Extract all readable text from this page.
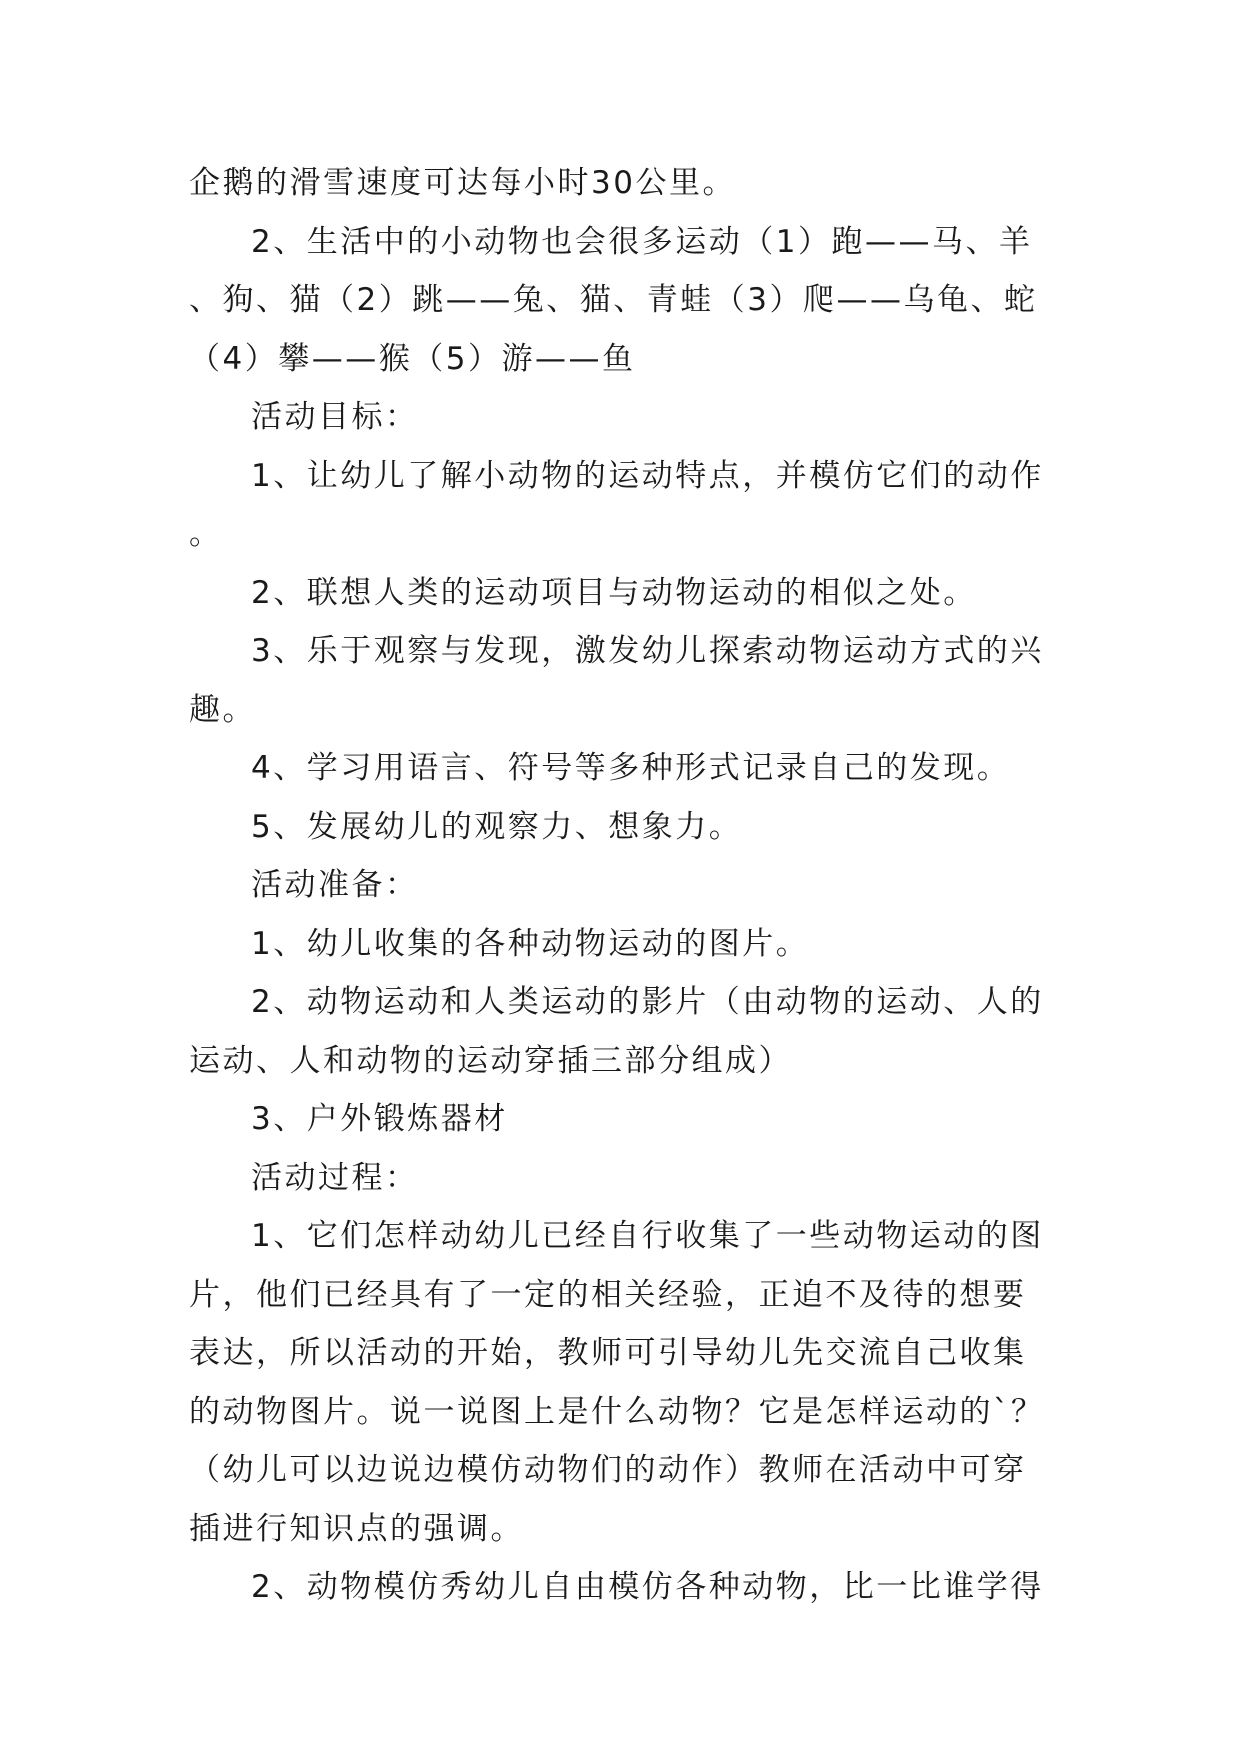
企鹅的滑雪速度可达每小时30公里。

2、生活中的小动物也会很多运动（1）跑——马、羊、狗、猫（2）跳——兔、猫、青蛙（3）爬——乌龟、蛇（4）攀——猴（5）游——鱼

活动目标：

1、让幼儿了解小动物的运动特点，并模仿它们的动作。

2、联想人类的运动项目与动物运动的相似之处。

3、乐于观察与发现，激发幼儿探索动物运动方式的兴趣。

4、学习用语言、符号等多种形式记录自己的发现。

5、发展幼儿的观察力、想象力。

活动准备：

1、幼儿收集的各种动物运动的图片。

2、动物运动和人类运动的影片（由动物的运动、人的运动、人和动物的运动穿插三部分组成）

3、户外锻炼器材

活动过程：

1、它们怎样动幼儿已经自行收集了一些动物运动的图片，他们已经具有了一定的相关经验，正迫不及待的想要表达，所以活动的开始，教师可引导幼儿先交流自己收集的动物图片。说一说图上是什么动物？它是怎样运动的`？（幼儿可以边说边模仿动物们的动作）教师在活动中可穿插进行知识点的强调。

2、动物模仿秀幼儿自由模仿各种动物，比一比谁学得
